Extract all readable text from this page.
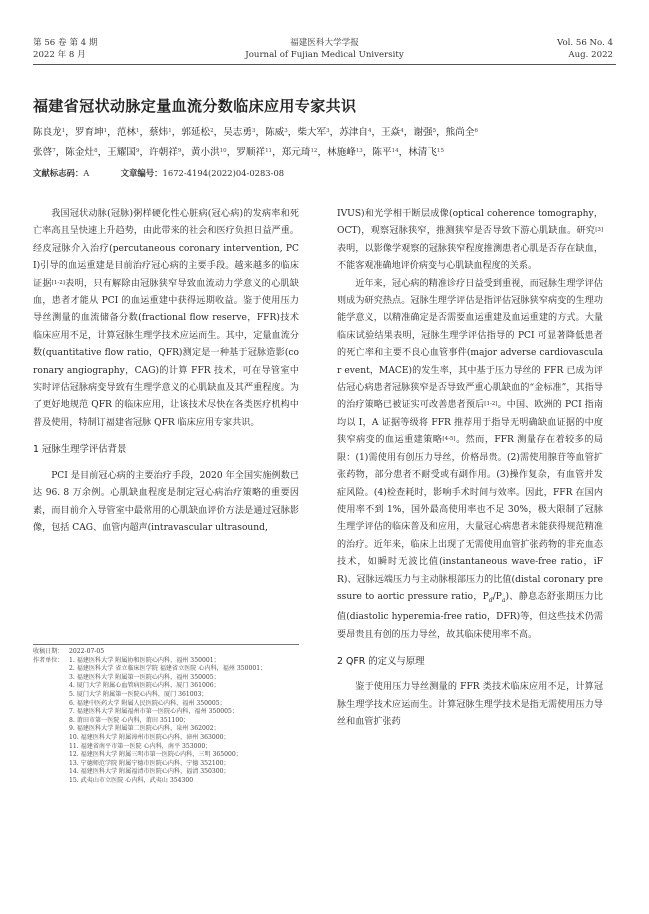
第 56 卷 第 4 期
2022 年 8 月
福建医科大学学报
Journal of Fujian Medical University
Vol. 56 No. 4
Aug. 2022
福建省冠状动脉定量血流分数临床应用专家共识
陈良龙$^1$，罗育坤$^1$，范林$^1$，蔡炜$^1$，郭延松$^2$，吴志勇$^3$，陈威$^3$，柴大军$^3$，苏津自$^4$，王焱$^4$，谢强$^5$，熊尚全$^6$
张啓$^7$，陈金灶$^8$，王耀国$^9$，许朝祥$^9$，黄小洪$^{10}$，罗顺祥$^{11}$，郑元琦$^{12}$，林施峰$^{13}$，陈平$^{14}$，林清飞$^{15}$
文献标志码：A	文章编号：1672-4194(2022)04-0283-08

我国冠状动脉(冠脉)粥样硬化性心脏病(冠心病)的发病率和死亡率高且呈快速上升趋势，由此带来的社会和医疗负担日益严重。经皮冠脉介入治疗(percutaneous coronary intervention, PCI)引导的血运重建是目前治疗冠心病的主要手段。越来越多的临床证据[1-2]表明，只有解除由冠脉狭窄导致血流动力学意义的心肌缺血，患者才能从 PCI 的血运重建中获得远期收益。鉴于使用压力导丝测量的血流储备分数(fractional flow reserve，FFR)技术临床应用不足，计算冠脉生理学技术应运而生。其中，定量血流分数(quantitative flow ratio，QFR)测定是一种基于冠脉造影(coronary angiography，CAG)的计算 FFR 技术，可在导管室中实时评估冠脉病变导致有生理学意义的心肌缺血及其严重程度。为了更好地规范 QFR 的临床应用，让该技术尽快在各类医疗机构中普及使用，特制订福建省冠脉 QFR 临床应用专家共识。

1 冠脉生理学评估背景

PCI 是目前冠心病的主要治疗手段，2020 年全国实施例数已达 96. 8 万余例。心肌缺血程度是制定冠心病治疗策略的重要因素，而目前介入导管室中最常用的心肌缺血评价方法是通过冠脉影像，包括 CAG、血管内超声(intravascular ultrasound,

收稿日期： 2022-07-05
作者单位： 1. 福建医科大学 附属协和医院心内科，福州 350001；
2. 福建医科大学 省立临床医学院 福建省立医院 心内科，福州 350001；
3. 福建医科大学 附属第一医院心内科，福州 350005；
4. 厦门大学 附属心血管病医院心内科，厦门 361006；
5. 厦门大学 附属第一医院心内科，厦门 361003；
6. 福建中医药大学 附属人民医院心内科，福州 350005；
7. 福建医科大学 附属福州市第一医院心内科，福州 350005；
8. 莆田市第一医院 心内科，莆田 351100；
9. 福建医科大学 附属第二医院心内科，泉州 362002；
10. 福建医科大学 附属漳州市医院心内科，漳州 363000；
11. 福建省南平市第一医院 心内科，南平 353000；
12. 福建医科大学 附属三明市第一医院心内科，三明 365000；
13. 宁德师范学院 附属宁德市医院心内科，宁德 352100；
14. 福建医科大学 附属福清市医院心内科，福清 350300；
15. 武夷山市立医院 心内科，武夷山 354300

IVUS)和光学相干断层成像(optical coherence tomography，OCT)，观察冠脉狭窄，推测狭窄是否导致下游心肌缺血。研究[3]表明，以影像学观察的冠脉狭窄程度推测患者心肌是否存在缺血，不能客观准确地评价病变与心肌缺血程度的关系。

近年来，冠心病的精准诊疗日益受到重视，而冠脉生理学评估则成为研究热点。冠脉生理学评估是指评估冠脉狭窄病变的生理功能学意义，以精准确定是否需要血运重建及血运重建的方式。大量临床试验结果表明，冠脉生理学评估指导的 PCI 可显著降低患者的死亡率和主要不良心血管事件(major adverse cardiovascular event，MACE)的发生率，其中基于压力导丝的 FFR 已成为评估冠心病患者冠脉狭窄是否导致严重心肌缺血的“金标准”，其指导的治疗策略已被证实可改善患者预后[1-2]。中国、欧洲的 PCI 指南均以 I，A 证据等级将 FFR 推荐用于指导无明确缺血证据的中度狭窄病变的血运重建策略[4-5]。然而，FFR 测量存在着较多的局限：(1)需使用有创压力导丝，价格昂贵。(2)需使用腺苷等血管扩张药物，部分患者不耐受或有副作用。(3)操作复杂，有血管并发症风险。(4)检查耗时，影响手术时间与效率。因此，FFR 在国内使用率不到 1%，国外最高使用率也不足 30%，极大限制了冠脉生理学评估的临床普及和应用，大量冠心病患者未能获得规范精准的治疗。近年来，临床上出现了无需使用血管扩张药物的非充血态技术，如瞬时无波比值(instantaneous wave-free ratio，iFR)、冠脉远端压力与主动脉根部压力的比值(distal coronary pressure to aortic pressure ratio，$P_d/P_a$)、静息态舒张期压力比值(diastolic hyperemia-free ratio，DFR)等，但这些技术仍需要昂贵且有创的压力导丝，故其临床使用率不高。

2 QFR 的定义与原理

鉴于使用压力导丝测量的 FFR 类技术临床应用不足，计算冠脉生理学技术应运而生。计算冠脉生理学技术是指无需使用压力导丝和血管扩张药
